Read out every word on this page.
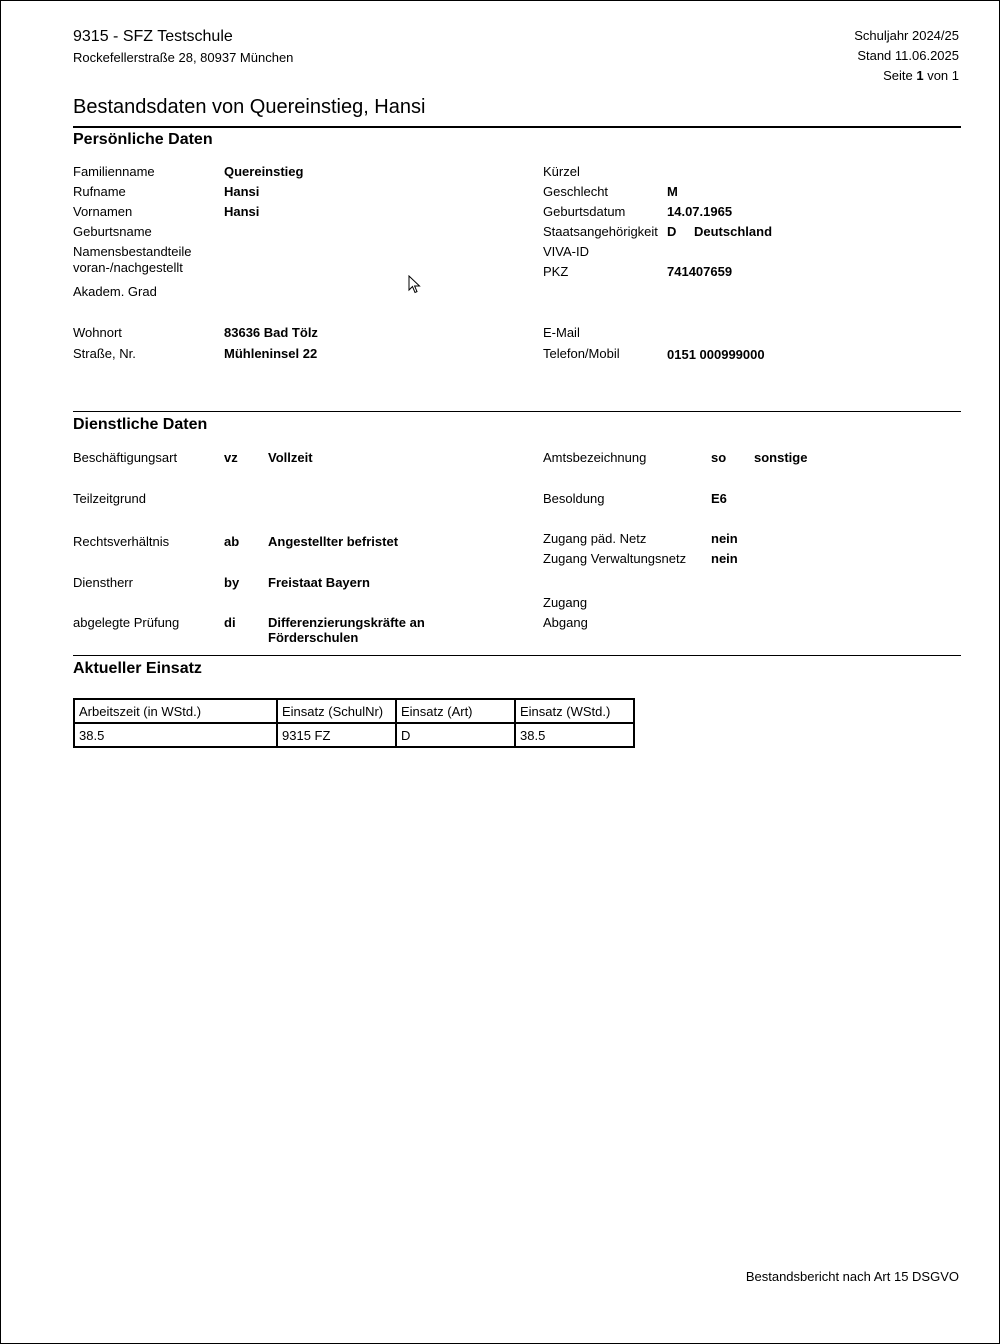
9315 - SFZ Testschule
Rockefellerstraße 28, 80937 München
Schuljahr 2024/25
Stand 11.06.2025
Seite 1 von 1
Bestandsdaten von Quereinstieg, Hansi
Persönliche Daten
Familienname	Quereinstieg
Rufname	Hansi
Vornamen	Hansi
Geburtsname
Namensbestandteile
voran-/nachgestellt
Akadem. Grad
Wohnort	83636 Bad Tölz
Straße, Nr.	Mühleninsel 22
Kürzel
Geschlecht	M
Geburtsdatum	14.07.1965
Staatsangehörigkeit D Deutschland
VIVA-ID
PKZ	741407659
E-Mail
Telefon/Mobil	0151 000999000
Dienstliche Daten
Beschäftigungsart	vz Vollzeit
Teilzeitgrund
Rechtsverhältnis	ab Angestellter befristet
Dienstherr	by Freistaat Bayern
abgelegte Prüfung	di Differenzierungskräfte an
Förderschulen
Amtsbezeichnung	so sonstige
Besoldung	E6
Zugang päd. Netz	nein
Zugang Verwaltungsnetz nein
Zugang
Abgang
Aktueller Einsatz
Arbeitszeit (in WStd.)	Einsatz (SchulNr)	Einsatz (Art)	Einsatz (WStd.)
38.5	9315 FZ	D	38.5
Bestandsbericht nach Art 15 DSGVO
